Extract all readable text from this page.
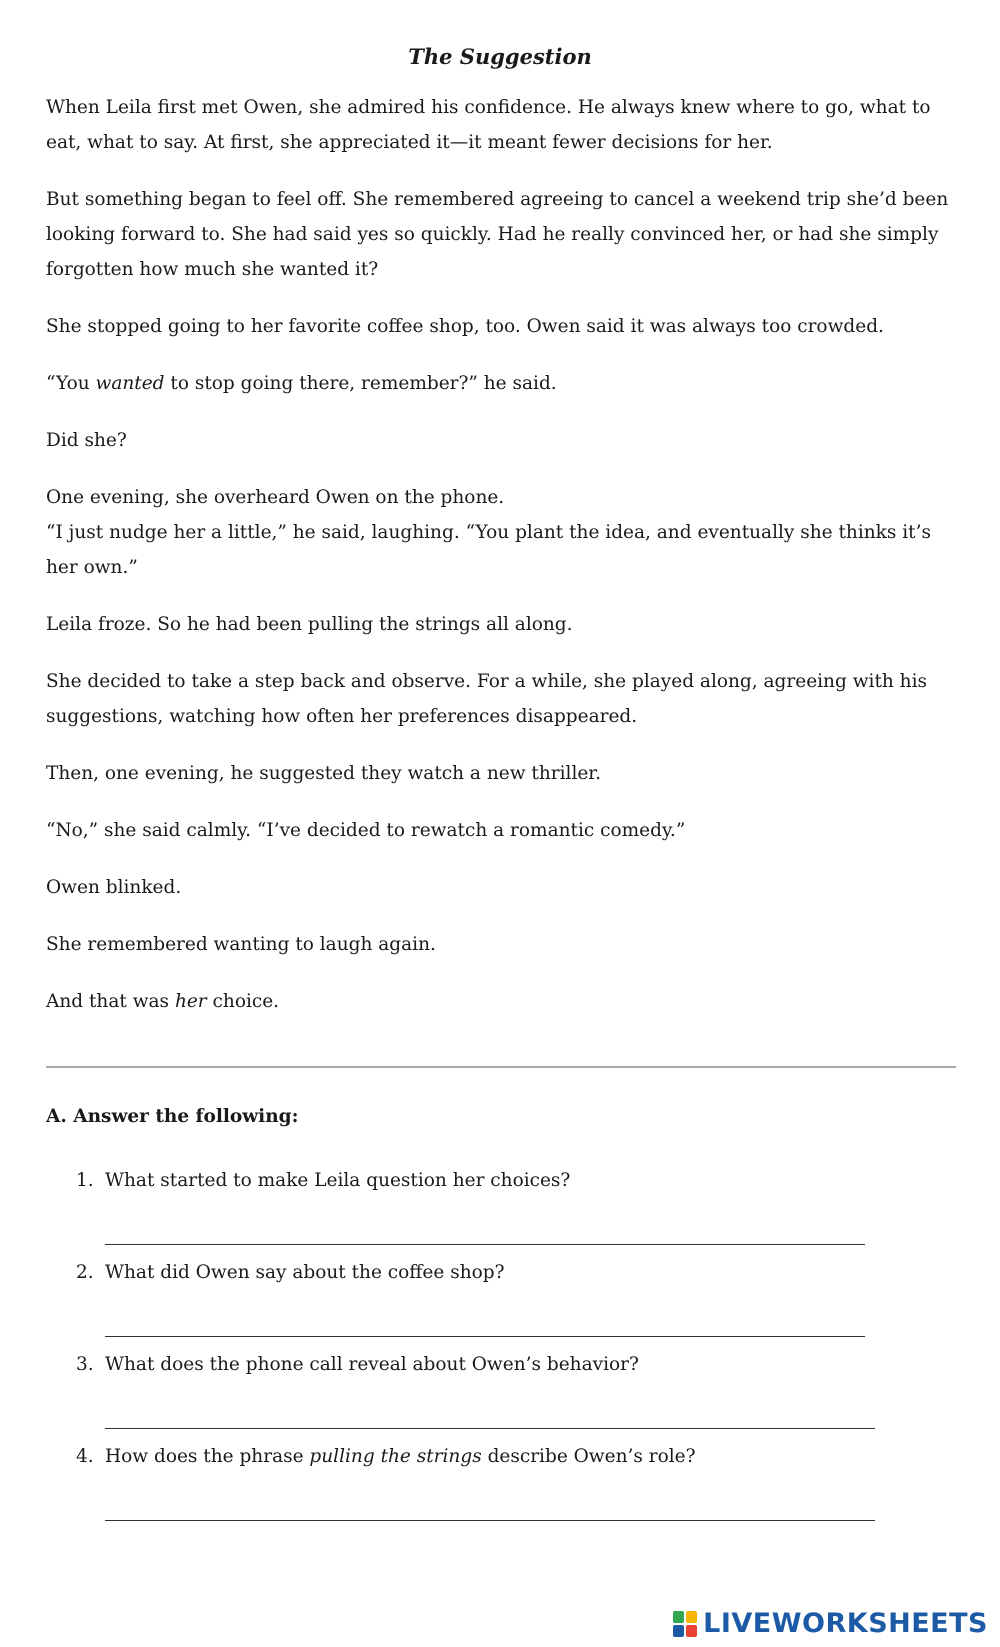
The Suggestion

When Leila first met Owen, she admired his confidence. He always knew where to go, what to eat, what to say. At first, she appreciated it—it meant fewer decisions for her.

But something began to feel off. She remembered agreeing to cancel a weekend trip she’d been looking forward to. She had said yes so quickly. Had he really convinced her, or had she simply forgotten how much she wanted it?

She stopped going to her favorite coffee shop, too. Owen said it was always too crowded.

“You wanted to stop going there, remember?” he said.

Did she?

One evening, she overheard Owen on the phone.

“I just nudge her a little,” he said, laughing. “You plant the idea, and eventually she thinks it’s her own.”

Leila froze. So he had been pulling the strings all along.

She decided to take a step back and observe. For a while, she played along, agreeing with his suggestions, watching how often her preferences disappeared.

Then, one evening, he suggested they watch a new thriller.

“No,” she said calmly. “I’ve decided to rewatch a romantic comedy.”

Owen blinked.

She remembered wanting to laugh again.

And that was her choice.

A. Answer the following:
1. What started to make Leila question her choices?
2. What did Owen say about the coffee shop?
3. What does the phone call reveal about Owen’s behavior?
4. How does the phrase pulling the strings describe Owen’s role?
LIVEWORKSHEETS
